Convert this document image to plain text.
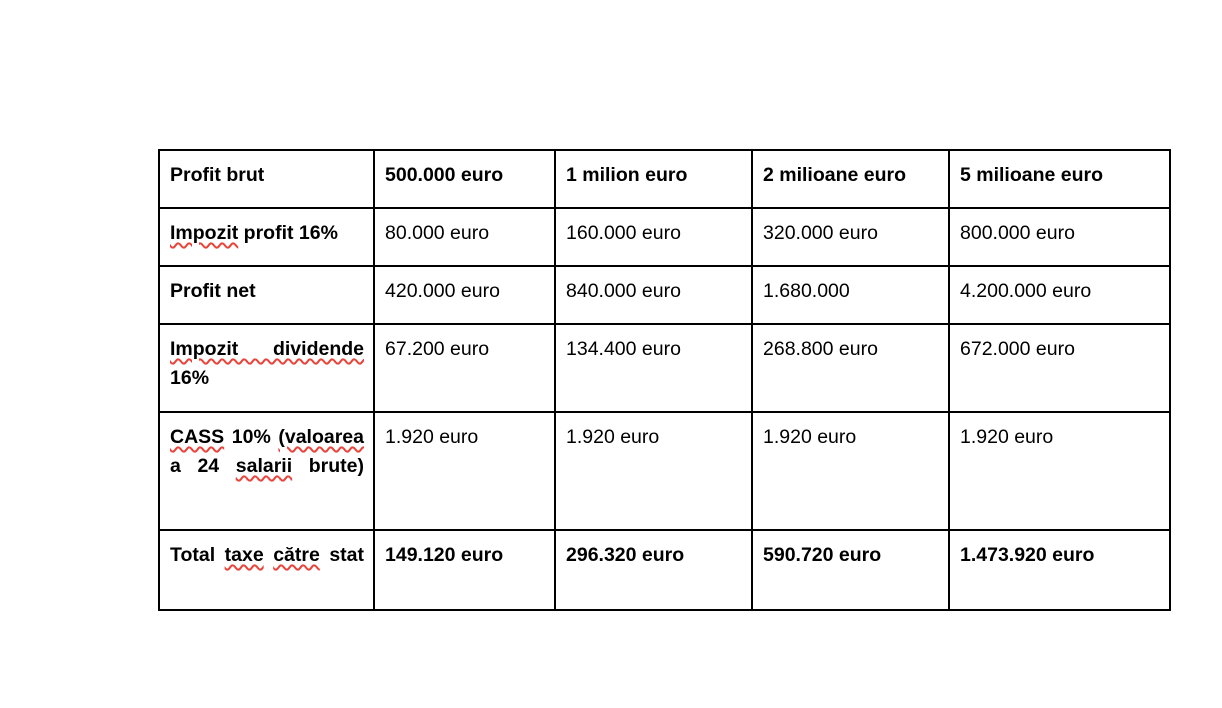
Profit brut	500.000 euro	1 milion euro	2 milioane euro	5 milioane euro
Impozit profit 16%	80.000 euro	160.000 euro	320.000 euro	800.000 euro
Profit net	420.000 euro	840.000 euro	1.680.000	4.200.000 euro
Impozit dividende 16%	67.200 euro	134.400 euro	268.800 euro	672.000 euro
CASS 10% (valoarea a 24 salarii brute)	1.920 euro	1.920 euro	1.920 euro	1.920 euro
Total taxe către stat	149.120 euro	296.320 euro	590.720 euro	1.473.920 euro
